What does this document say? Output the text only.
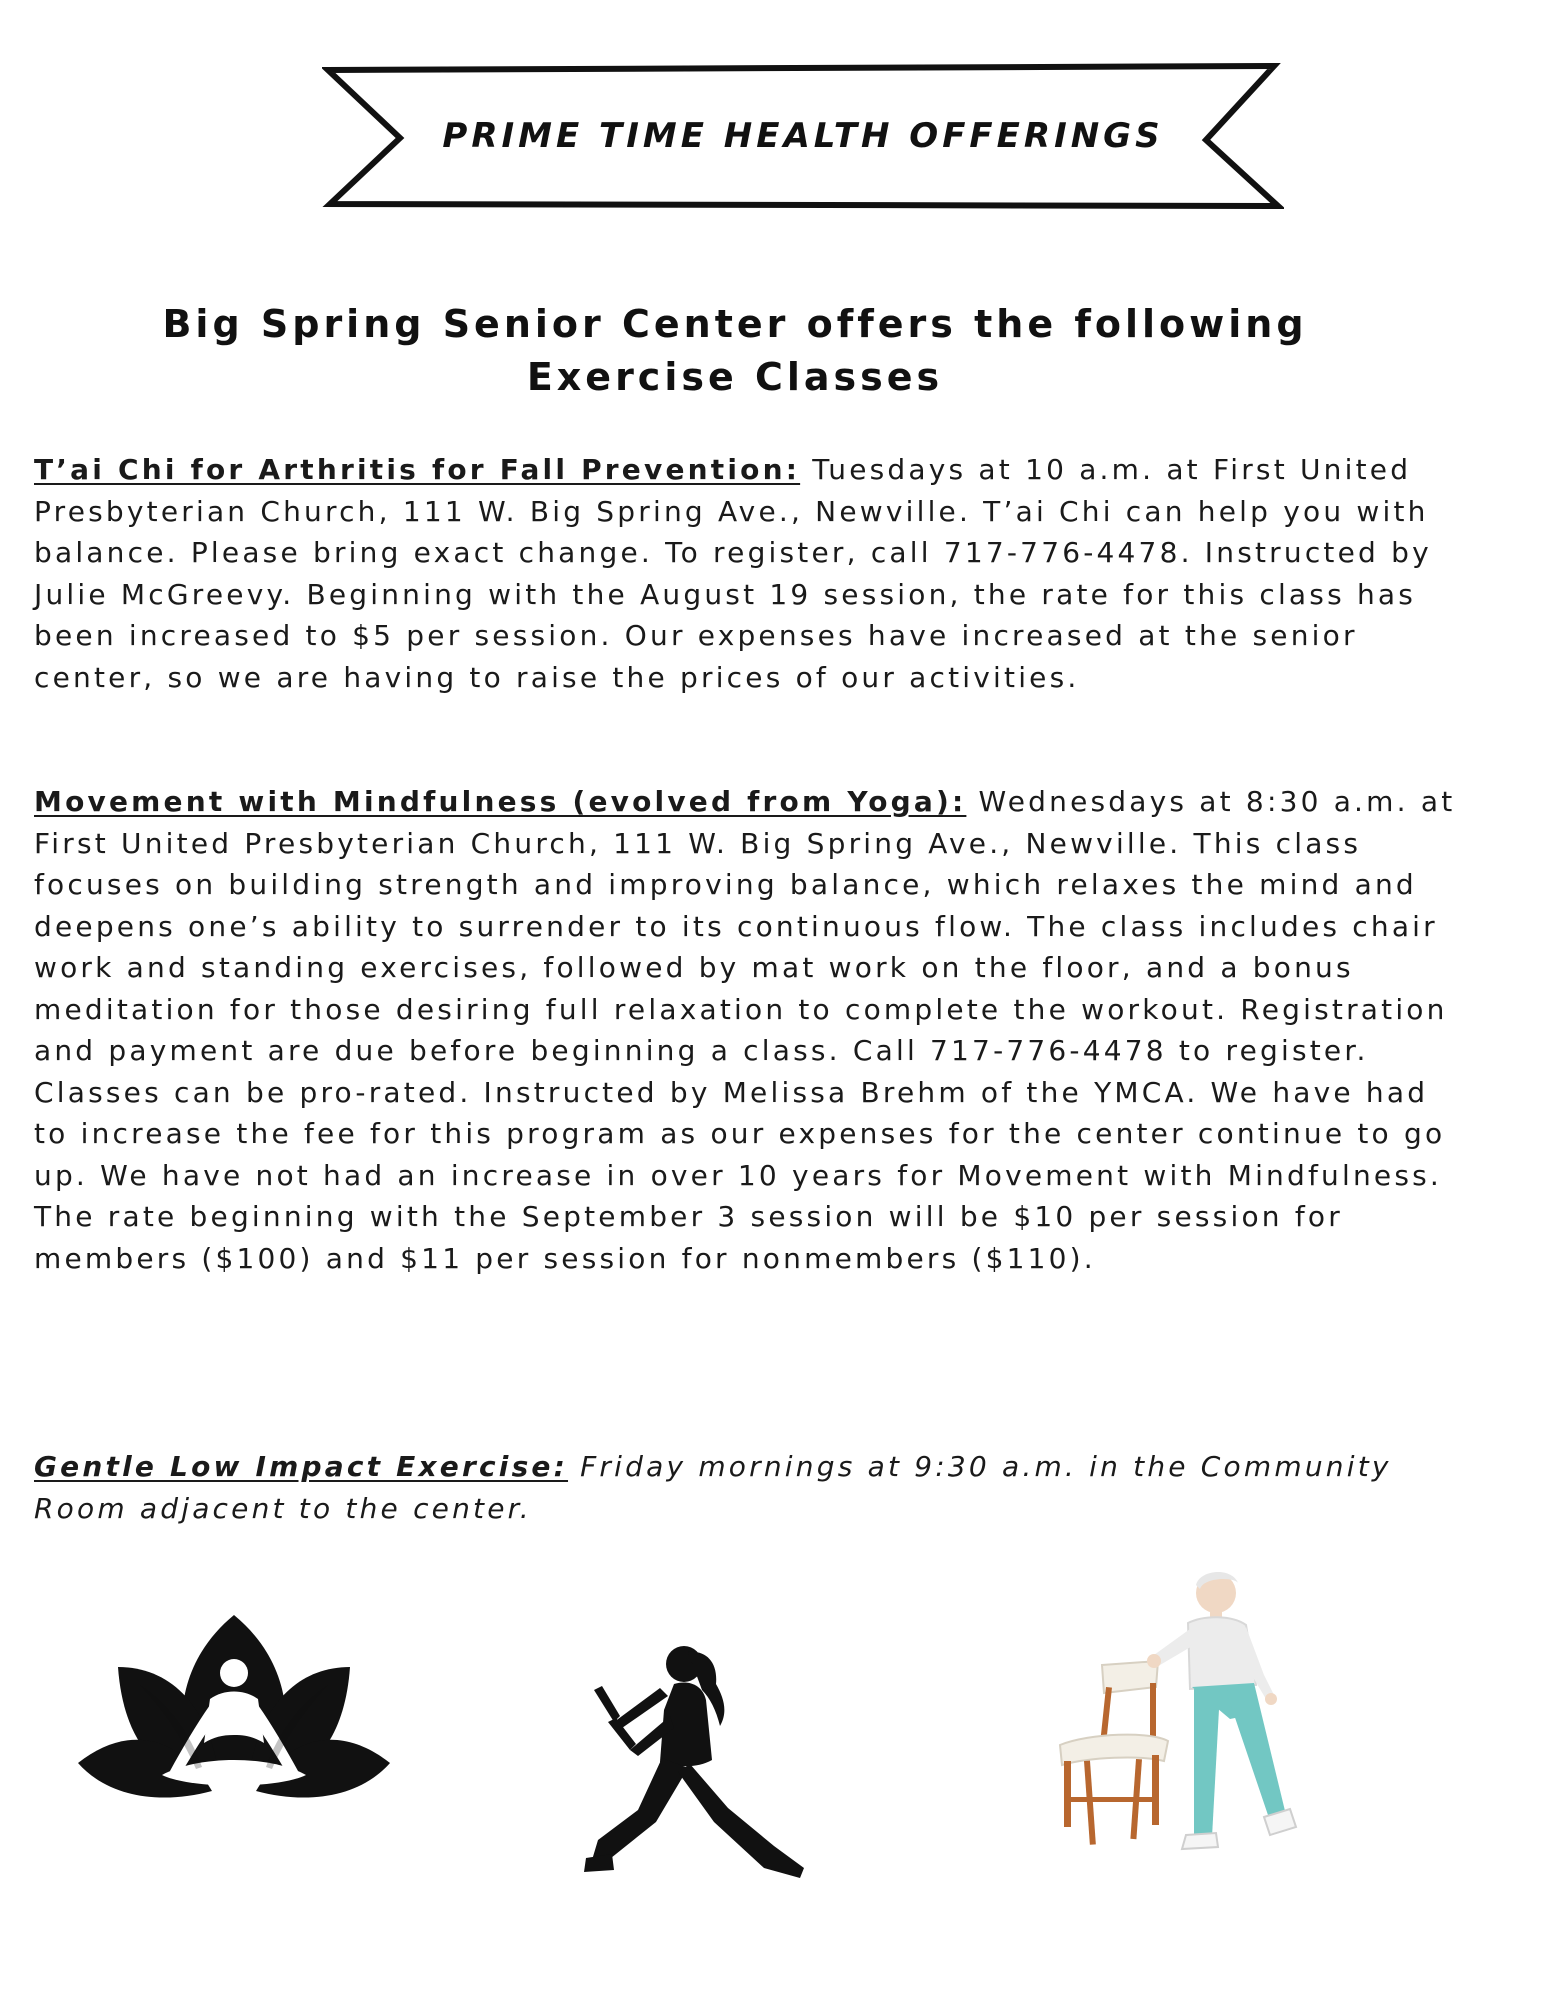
PRIME TIME HEALTH OFFERINGS
Big Spring Senior Center offers the following
Exercise Classes
T’ai Chi for Arthritis for Fall Prevention: Tuesdays at 10 a.m. at First United Presbyterian Church, 111 W. Big Spring Ave., Newville. T’ai Chi can help you with balance. Please bring exact change. To register, call 717-776-4478. Instructed by Julie McGreevy. Beginning with the August 19 session, the rate for this class has been increased to $5 per session. Our expenses have increased at the senior center, so we are having to raise the prices of our activities.
Movement with Mindfulness (evolved from Yoga): Wednesdays at 8:30 a.m. at First United Presbyterian Church, 111 W. Big Spring Ave., Newville. This class focuses on building strength and improving balance, which relaxes the mind and deepens one’s ability to surrender to its continuous flow. The class includes chair work and standing exercises, followed by mat work on the floor, and a bonus meditation for those desiring full relaxation to complete the workout. Registration and payment are due before beginning a class. Call 717-776-4478 to register. Classes can be pro-rated. Instructed by Melissa Brehm of the YMCA. We have had to increase the fee for this program as our expenses for the center continue to go up. We have not had an increase in over 10 years for Movement with Mindfulness. The rate beginning with the September 3 session will be $10 per session for members ($100) and $11 per session for nonmembers ($110).
Gentle Low Impact Exercise: Friday mornings at 9:30 a.m. in the Community Room adjacent to the center.
